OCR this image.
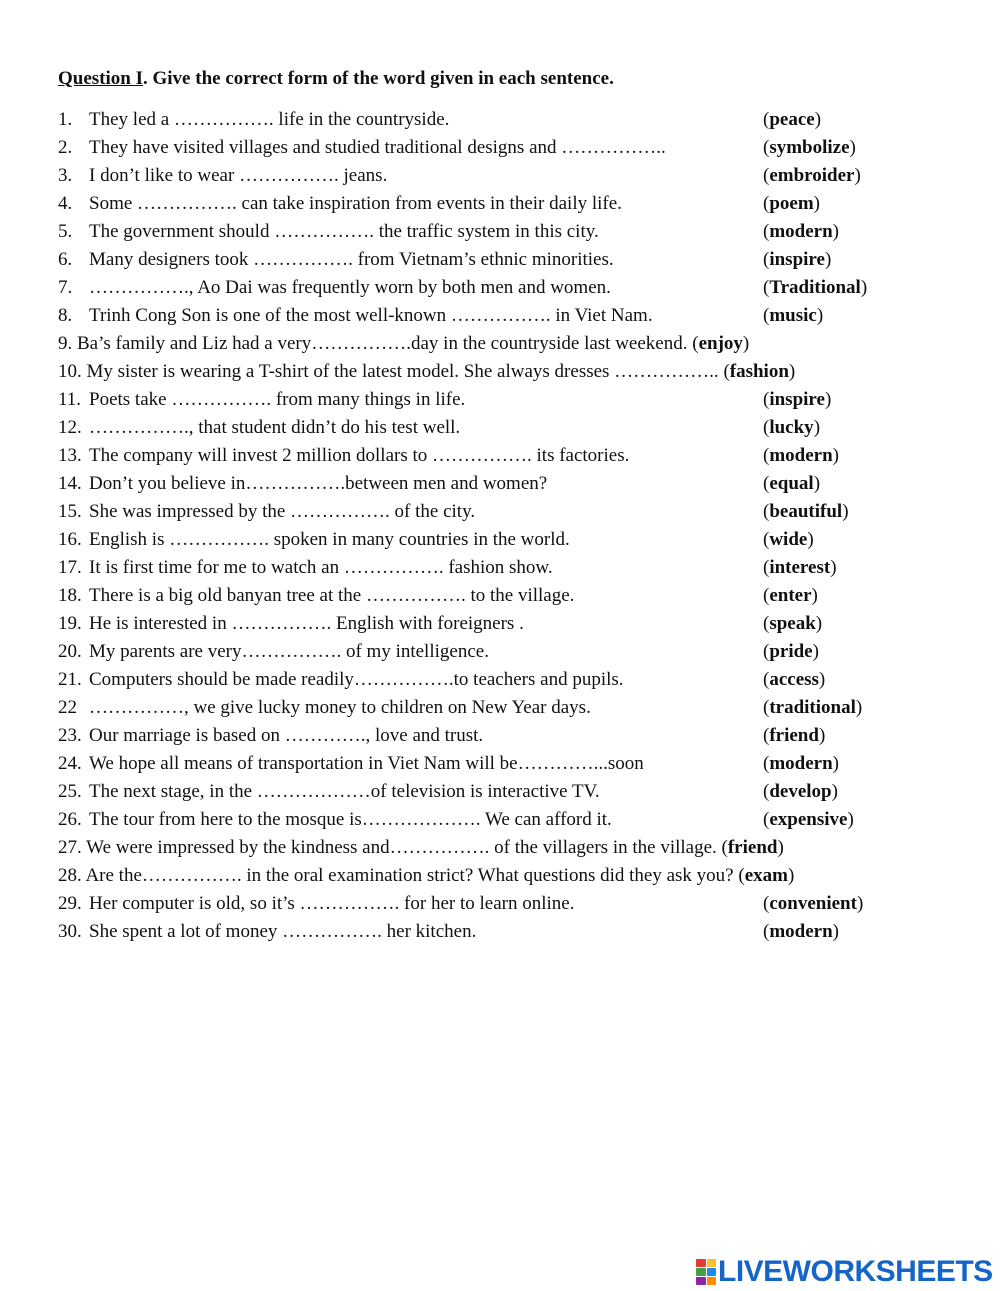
Question I. Give the correct form of the word given in each sentence.
1. They led a ……………. life in the countryside.	(peace)
2. They have visited villages and studied traditional designs and ……………..	(symbolize)
3. I don’t like to wear ……………. jeans.	(embroider)
4. Some ……………. can take inspiration from events in their daily life.	(poem)
5. The government should ……………. the traffic system in this city.	(modern)
6. Many designers took ……………. from Vietnam’s ethnic minorities.	(inspire)
7. ……………., Ao Dai was frequently worn by both men and women.	(Traditional)
8. Trinh Cong Son is one of the most well-known ……………. in Viet Nam.	(music)
9. Ba’s family and Liz had a very…………….day in the countryside last weekend. (enjoy)
10. My sister is wearing a T-shirt of the latest model. She always dresses …………….. (fashion)
11. Poets take ……………. from many things in life.	(inspire)
12. ……………., that student didn’t do his test well.	(lucky)
13. The company will invest 2 million dollars to ……………. its factories.	(modern)
14. Don’t you believe in…………….between men and women?	(equal)
15. She was impressed by the ……………. of the city.	(beautiful)
16. English is ……………. spoken in many countries in the world.	(wide)
17. It is first time for me to watch an ……………. fashion show.	(interest)
18. There is a big old banyan tree at the ……………. to the village.	(enter)
19. He is interested in ……………. English with foreigners .	(speak)
20. My parents are very……………. of my intelligence.	(pride)
21. Computers should be made readily…………….to teachers and pupils.	(access)
22 ……………, we give lucky money to children on New Year days.	(traditional)
23. Our marriage is based on …………., love and trust.	(friend)
24. We hope all means of transportation in Viet Nam will be…………...soon	(modern)
25. The next stage, in the ………………of television is interactive TV.	(develop)
26. The tour from here to the mosque is………………. We can afford it.	(expensive)
27. We were impressed by the kindness and……………. of the villagers in the village. (friend)
28. Are the……………. in the oral examination strict? What questions did they ask you? (exam)
29. Her computer is old, so it’s ……………. for her to learn online.	(convenient)
30. She spent a lot of money ……………. her kitchen.	(modern)
LIVEWORKSHEETS
